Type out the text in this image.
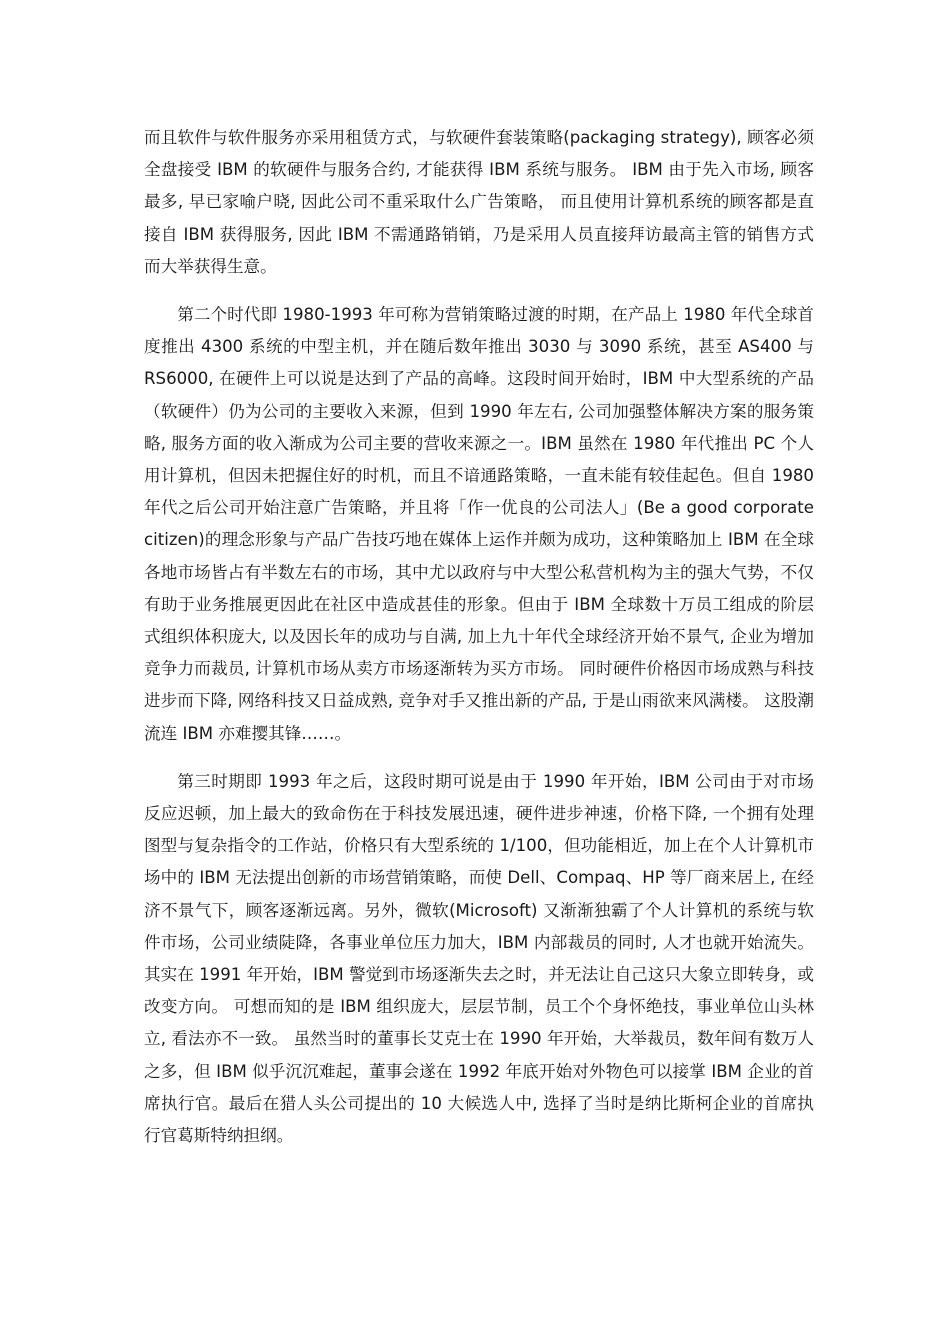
而且软件与软件服务亦采用租赁方式，与软硬件套装策略(packaging strategy), 顾客必须全盘接受 IBM 的软硬件与服务合约, 才能获得 IBM 系统与服务。 IBM 由于先入市场, 顾客最多, 早已家喻户晓, 因此公司不重采取什么广告策略， 而且使用计算机系统的顾客都是直接自 IBM 获得服务, 因此 IBM 不需通路销销，乃是采用人员直接拜访最高主管的销售方式而大举获得生意。

第二个时代即 1980-1993 年可称为营销策略过渡的时期，在产品上 1980 年代全球首度推出 4300 系统的中型主机，并在随后数年推出 3030 与 3090 系统，甚至 AS400 与 RS6000, 在硬件上可以说是达到了产品的高峰。这段时间开始时，IBM 中大型系统的产品（软硬件）仍为公司的主要收入来源，但到 1990 年左右, 公司加强整体解决方案的服务策略, 服务方面的收入渐成为公司主要的营收来源之一。IBM 虽然在 1980 年代推出 PC 个人用计算机，但因未把握住好的时机，而且不谙通路策略，一直未能有较佳起色。但自 1980 年代之后公司开始注意广告策略，并且将「作一优良的公司法人」(Be a good corporate citizen)的理念形象与产品广告技巧地在媒体上运作并颇为成功，这种策略加上 IBM 在全球各地市场皆占有半数左右的市场，其中尤以政府与中大型公私营机构为主的强大气势，不仅有助于业务推展更因此在社区中造成甚佳的形象。但由于 IBM 全球数十万员工组成的阶层式组织体积庞大, 以及因长年的成功与自满, 加上九十年代全球经济开始不景气, 企业为增加竞争力而裁员, 计算机市场从卖方市场逐渐转为买方市场。 同时硬件价格因市场成熟与科技进步而下降, 网络科技又日益成熟, 竞争对手又推出新的产品, 于是山雨欲来风满楼。 这股潮流连 IBM 亦难撄其锋……。

第三时期即 1993 年之后，这段时期可说是由于 1990 年开始，IBM 公司由于对市场反应迟顿，加上最大的致命伤在于科技发展迅速，硬件进步神速，价格下降, 一个拥有处理图型与复杂指令的工作站，价格只有大型系统的 1/100，但功能相近，加上在个人计算机市场中的 IBM 无法提出创新的市场营销策略，而使 Dell、Compaq、HP 等厂商来居上, 在经济不景气下，顾客逐渐远离。另外，微软(Microsoft) 又渐渐独霸了个人计算机的系统与软件市场，公司业绩陡降，各事业单位压力加大，IBM 内部裁员的同时, 人才也就开始流失。其实在 1991 年开始，IBM 警觉到市场逐渐失去之时，并无法让自己这只大象立即转身，或改变方向。 可想而知的是 IBM 组织庞大，层层节制，员工个个身怀绝技，事业单位山头林立, 看法亦不一致。 虽然当时的董事长艾克士在 1990 年开始，大举裁员，数年间有数万人之多，但 IBM 似乎沉沉难起，董事会遂在 1992 年底开始对外物色可以接掌 IBM 企业的首席执行官。最后在猎人头公司提出的 10 大候选人中, 选择了当时是纳比斯柯企业的首席执行官葛斯特纳担纲。
